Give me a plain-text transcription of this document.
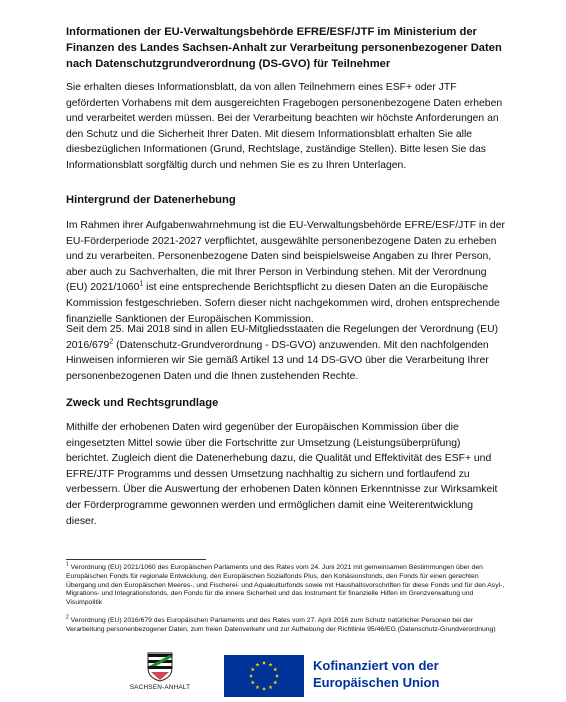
Informationen der EU-Verwaltungsbehörde EFRE/ESF/JTF im Ministerium der Finanzen des Landes Sachsen-Anhalt zur Verarbeitung personenbezogener Daten nach Datenschutzgrundverordnung (DS-GVO) für Teilnehmer

Sie erhalten dieses Informationsblatt, da von allen Teilnehmern eines ESF+ oder JTF geförderten Vorhabens mit dem ausgereichten Fragebogen personenbezogene Daten erheben und verarbeitet werden müssen. Bei der Verarbeitung beachten wir höchste Anforderungen an den Schutz und die Sicherheit Ihrer Daten. Mit diesem Informationsblatt erhalten Sie alle diesbezüglichen Informationen (Grund, Rechtslage, zuständige Stellen). Bitte lesen Sie das Informationsblatt sorgfältig durch und nehmen Sie es zu Ihren Unterlagen.

Hintergrund der Datenerhebung

Im Rahmen ihrer Aufgabenwahrnehmung ist die EU-Verwaltungsbehörde EFRE/ESF/JTF in der EU-Förderperiode 2021-2027 verpflichtet, ausgewählte personenbezogene Daten zu erheben und zu verarbeiten. Personenbezogene Daten sind beispielsweise Angaben zu Ihrer Person, aber auch zu Sachverhalten, die mit Ihrer Person in Verbindung stehen. Mit der Verordnung (EU) 2021/1060$^1$ ist eine entsprechende Berichtspflicht zu diesen Daten an die Europäische Kommission festgeschrieben. Sofern dieser nicht nachgekommen wird, drohen entsprechende finanzielle Sanktionen der Europäischen Kommission.

Seit dem 25. Mai 2018 sind in allen EU-Mitgliedsstaaten die Regelungen der Verordnung (EU) $2016/679^2$ (Datenschutz-Grundverordnung - DS-GVO) anzuwenden. Mit den nachfolgenden Hinweisen informieren wir Sie gemäß Artikel 13 und 14 DS-GVO über die Verarbeitung Ihrer personenbezogenen Daten und die Ihnen zustehenden Rechte.

Zweck und Rechtsgrundlage

Mithilfe der erhobenen Daten wird gegenüber der Europäischen Kommission über die eingesetzten Mittel sowie über die Fortschritte zur Umsetzung (Leistungsüberprüfung) berichtet. Zugleich dient die Datenerhebung dazu, die Qualität und Effektivität des ESF+ und EFRE/JTF Programms und dessen Umsetzung nachhaltig zu sichern und fortlaufend zu verbessern. Über die Auswertung der erhobenen Daten können Erkenntnisse zur Wirksamkeit der Förderprogramme gewonnen werden und ermöglichen damit eine Weiterentwicklung dieser.

$^1$ Verordnung (EU) 2021/1060 des Europäischen Parlaments und des Rates vom 24. Juni 2021 mit gemeinsamen Bestimmungen über den Europäischen Fonds für regionale Entwicklung, den Europäischen Sozialfonds Plus, den Kohäsionsfonds, den Fonds für einen gerechten Übergang und den Europäischen Meeres-, und Fischerei- und Aquakulturfonds sowie mit Haushaltsvorschriften für diese Fonds und für den Asyl-, Migrations- und Integrationsfonds, den Fonds für die innere Sicherheit und das Instrument für finanzielle Hilfen im Grenzverwaltung und Visumpolitik

$^2$ Verordnung (EU) 2016/679 des Europäischen Parlaments und des Rates vom 27. April 2016 zum Schutz natürlicher Personen bei der Verarbeitung personenbezogener Daten, zum freien Datenverkehr und zur Aufhebung der Richtlinie 95/46/EG (Datenschutz-Grundverordnung)

SACHSEN-ANHALT
Kofinanziert von der
Europäischen Union
